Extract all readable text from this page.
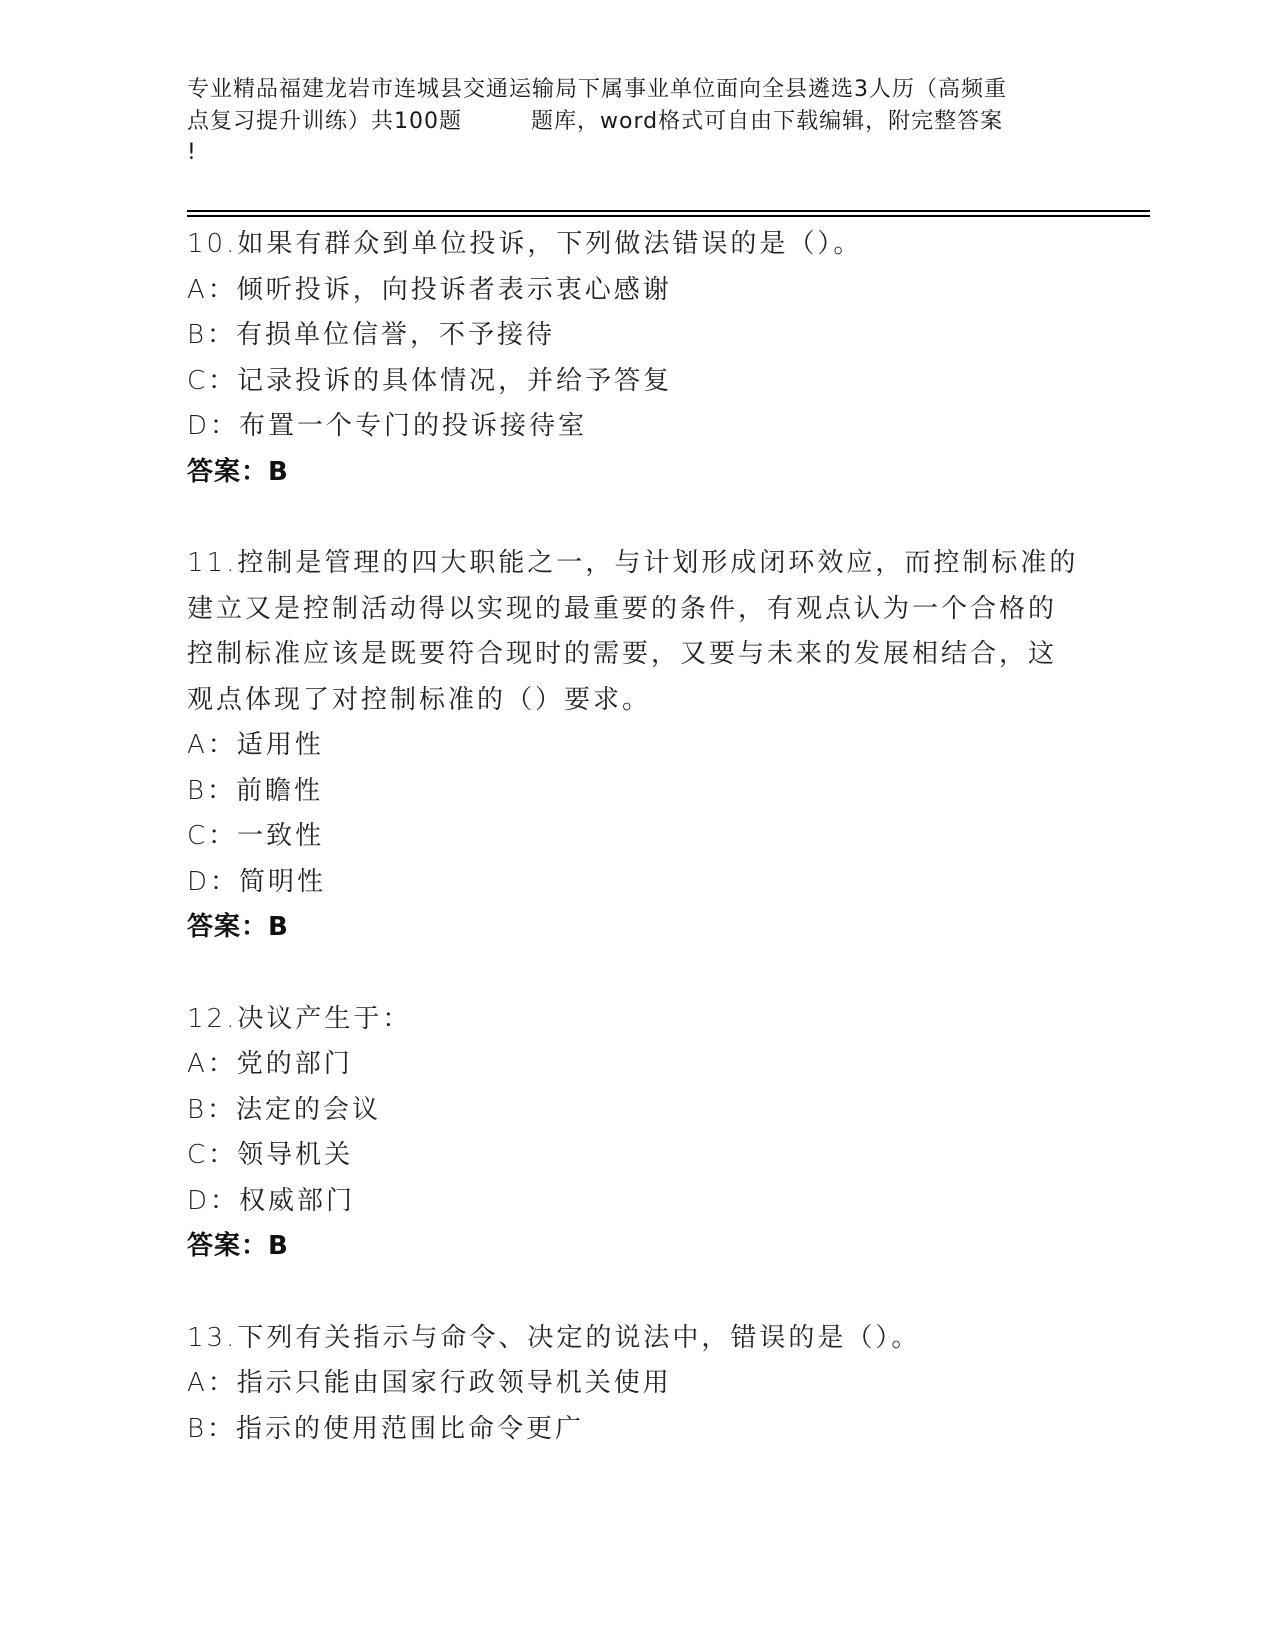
专业精品福建龙岩市连城县交通运输局下属事业单位面向全县遴选3人历（高频重
点复习提升训练）共100题　　　题库，word格式可自由下载编辑，附完整答案
!
10.如果有群众到单位投诉，下列做法错误的是（）。
A：倾听投诉，向投诉者表示衷心感谢
B：有损单位信誉，不予接待
C：记录投诉的具体情况，并给予答复
D：布置一个专门的投诉接待室
答案：B
11.控制是管理的四大职能之一，与计划形成闭环效应，而控制标准的
建立又是控制活动得以实现的最重要的条件，有观点认为一个合格的
控制标准应该是既要符合现时的需要，又要与未来的发展相结合，这
观点体现了对控制标准的（）要求。
A：适用性
B：前瞻性
C：一致性
D：简明性
答案：B
12.决议产生于：
A：党的部门
B：法定的会议
C：领导机关
D：权威部门
答案：B
13.下列有关指示与命令、决定的说法中，错误的是（）。
A：指示只能由国家行政领导机关使用
B：指示的使用范围比命令更广
